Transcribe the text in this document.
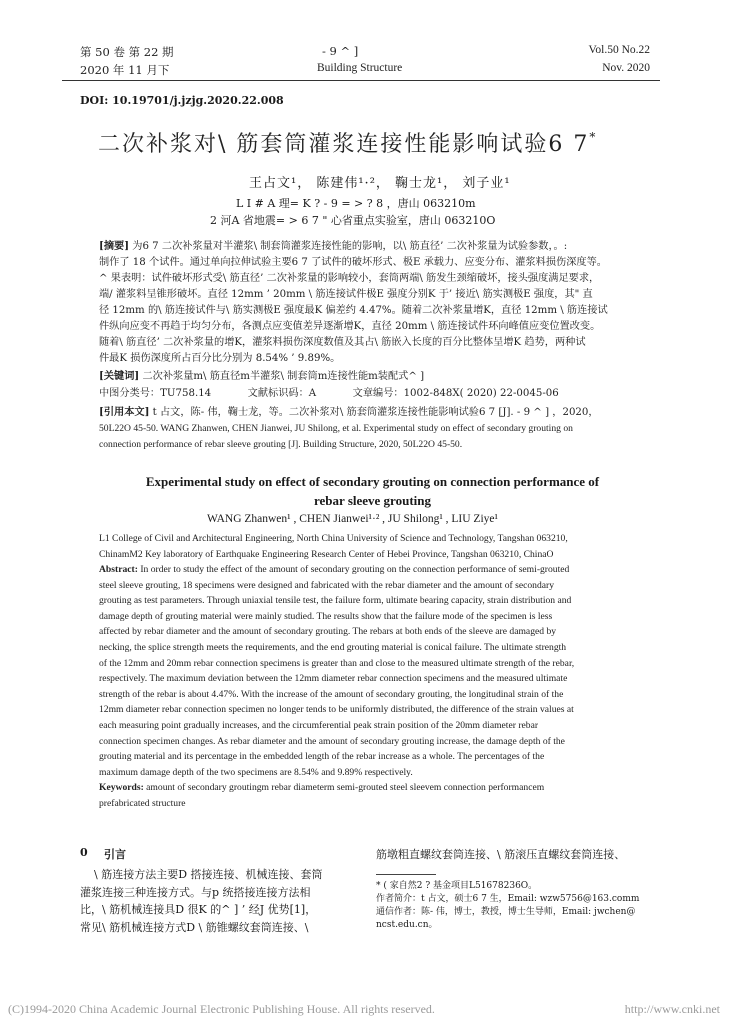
第 50 卷 第 22 期
2020 年 11 月下
- 9 ^ ]
Building Structure
Vol.50 No.22
Nov. 2020
DOI: 10.19701/j.jzjg.2020.22.008
二次补浆对\ 筋套筒灌浆连接性能影响试验6 7*
王占文¹， 陈建伟¹·²， 鞠士龙¹， 刘子业¹
L I # A 理= K ? - 9 = > ? 8 ，唐山 063210m
2 河A 省地震= > 6 7 " 心省重点实验室，唐山 063210O
[摘要] 为6 7 二次补浆量对半灌浆\ 制套筒灌浆连接性能的影响，以\ 筋直径’ 二次补浆量为试验参数，。:
制作了 18 个试件。通过单向拉伸试验主要6 7 了试件的破坏形式、极E 承载力、应变分布、灌浆料损伤深度等。
^ 果表明：试件破坏形式受\ 筋直径’ 二次补浆量的影响较小，套筒两端\ 筋发生颈缩破坏，接头强度满足要求，
端/ 灌浆料呈锥形破坏。直径 12mm ’ 20mm \ 筋连接试件极E 强度分别K 于’ 接近\ 筋实测极E 强度，其" 直
径 12mm 的\ 筋连接试件与\ 筋实测极E 强度最K 偏差约 4.47%。随着二次补浆量增K，直径 12mm \ 筋连接试
件纵向应变不再趋于均匀分布，各测点应变值差异逐渐增K，直径 20mm \ 筋连接试件环向峰值应变位置改变。
随着\ 筋直径’ 二次补浆量的增K，灌浆料损伤深度数值及其占\ 筋嵌入长度的百分比整体呈增K 趋势，两种试
件最K 损伤深度所占百分比分别为 8.54% ’ 9.89%。
[关键词] 二次补浆量m\ 筋直径m半灌浆\ 制套筒m连接性能m装配式^ ]
中图分类号：TU758.14	文献标识码：A	文章编号：1002-848X( 2020) 22-0045-06
[引用本文] t 占文，陈- 伟，鞠士龙，等。二次补浆对\ 筋套筒灌浆连接性能影响试验6 7 [J]. - 9 ^ ] ，2020，
50L22O 45-50. WANG Zhanwen, CHEN Jianwei, JU Shilong, et al. Experimental study on effect of secondary grouting on
connection performance of rebar sleeve grouting [J]. Building Structure, 2020, 50L22O 45-50.
Experimental study on effect of secondary grouting on connection performance of
rebar sleeve grouting
WANG Zhanwen¹ , CHEN Jianwei¹·² , JU Shilong¹ , LIU Ziye¹
L1 College of Civil and Architectural Engineering, North China University of Science and Technology, Tangshan 063210,
ChinamM2 Key laboratory of Earthquake Engineering Research Center of Hebei Province, Tangshan 063210, ChinaO
Abstract: In order to study the effect of the amount of secondary grouting on the connection performance of semi-grouted
steel sleeve grouting, 18 specimens were designed and fabricated with the rebar diameter and the amount of secondary
grouting as test parameters. Through uniaxial tensile test, the failure form, ultimate bearing capacity, strain distribution and
damage depth of grouting material were mainly studied. The results show that the failure mode of the specimen is less
affected by rebar diameter and the amount of secondary grouting. The rebars at both ends of the sleeve are damaged by
necking, the splice strength meets the requirements, and the end grouting material is conical failure. The ultimate strength
of the 12mm and 20mm rebar connection specimens is greater than and close to the measured ultimate strength of the rebar,
respectively. The maximum deviation between the 12mm diameter rebar connection specimens and the measured ultimate
strength of the rebar is about 4.47%. With the increase of the amount of secondary grouting, the longitudinal strain of the
12mm diameter rebar connection specimen no longer tends to be uniformly distributed, the difference of the strain values at
each measuring point gradually increases, and the circumferential peak strain position of the 20mm diameter rebar
connection specimen changes. As rebar diameter and the amount of secondary grouting increase, the damage depth of the
grouting material and its percentage in the embedded length of the rebar increase as a whole. The percentages of the
maximum damage depth of the two specimens are 8.54% and 9.89% respectively.
Keywords: amount of secondary groutingm rebar diameterm semi-grouted steel sleevem connection performancem
prefabricated structure
0 引言
\ 筋连接方法主要D 搭接连接、机械连接、套筒
灌浆连接三种连接方式。与p 统搭接连接方法相
比，\ 筋机械连接具D 很K 的^ ] ’ 经J 优势[1]，
常见\ 筋机械连接方式D \ 筋锥螺纹套筒连接、\
筋墩粗直螺纹套筒连接、\ 筋滚压直螺纹套筒连接、
* ( 家自然2 ? 基金项目L51678236O。
作者简介：t 占文，硕士6 7 生，Email: wzw5756@163.comm
通信作者：陈- 伟，博士，教授，博士生导师，Email: jwchen@
ncst.edu.cn。
(C)1994-2020 China Academic Journal Electronic Publishing House. All rights reserved.	http://www.cnki.net
